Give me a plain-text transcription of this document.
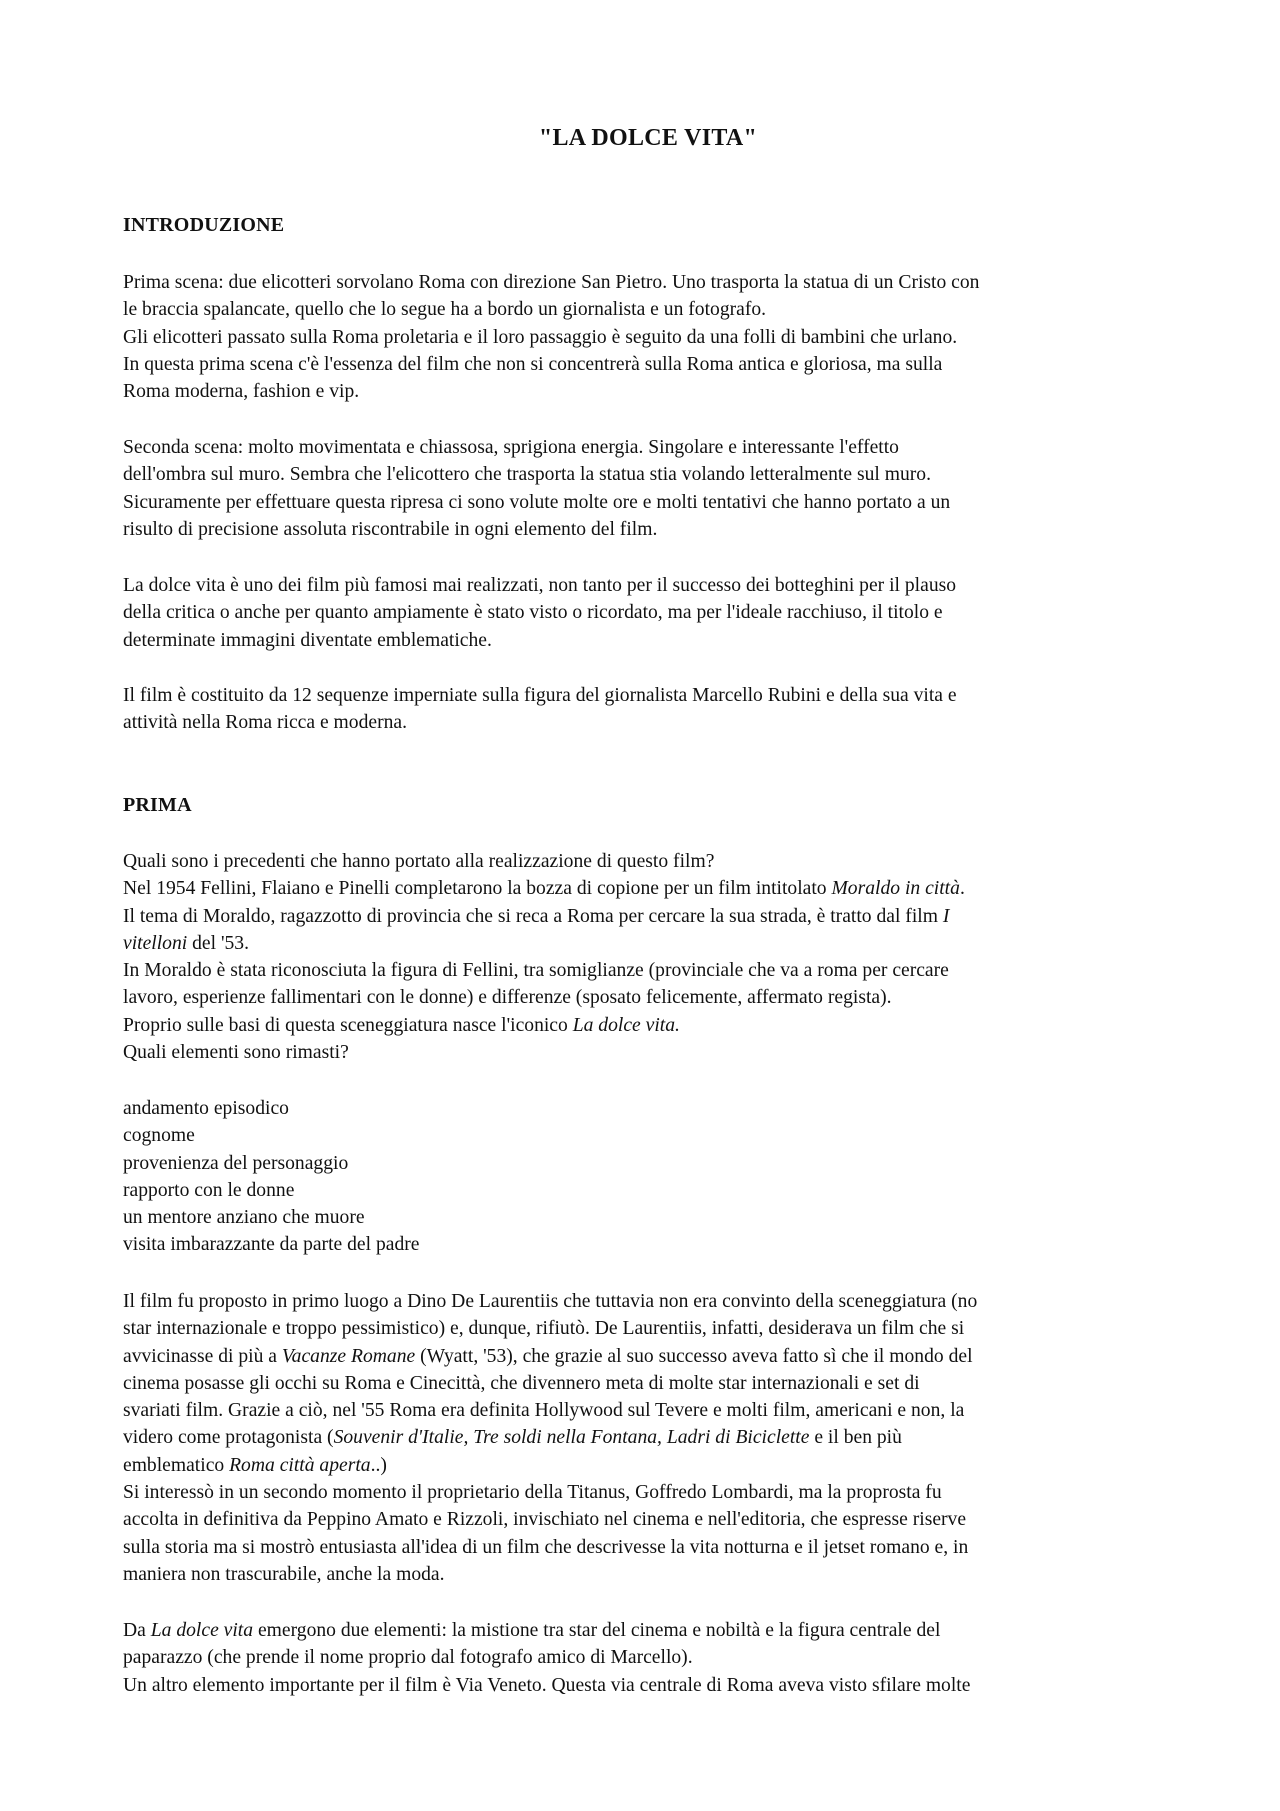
"LA DOLCE VITA"
INTRODUZIONE
Prima scena: due elicotteri sorvolano Roma con direzione San Pietro. Uno trasporta la statua di un Cristo con
le braccia spalancate, quello che lo segue ha a bordo un giornalista e un fotografo.
Gli elicotteri passato sulla Roma proletaria e il loro passaggio è seguito da una folli di bambini che urlano.
In questa prima scena c'è l'essenza del film che non si concentrerà sulla Roma antica e gloriosa, ma sulla
Roma moderna, fashion e vip.
Seconda scena: molto movimentata e chiassosa, sprigiona energia. Singolare e interessante l'effetto
dell'ombra sul muro. Sembra che l'elicottero che trasporta la statua stia volando letteralmente sul muro.
Sicuramente per effettuare questa ripresa ci sono volute molte ore e molti tentativi che hanno portato a un
risulto di precisione assoluta riscontrabile in ogni elemento del film.
La dolce vita è uno dei film più famosi mai realizzati, non tanto per il successo dei botteghini per il plauso
della critica o anche per quanto ampiamente è stato visto o ricordato, ma per l'ideale racchiuso, il titolo e
determinate immagini diventate emblematiche.
Il film è costituito da 12 sequenze imperniate sulla figura del giornalista Marcello Rubini e della sua vita e
attività nella Roma ricca e moderna.
PRIMA
Quali sono i precedenti che hanno portato alla realizzazione di questo film?
Nel 1954 Fellini, Flaiano e Pinelli completarono la bozza di copione per un film intitolato Moraldo in città.
Il tema di Moraldo, ragazzotto di provincia che si reca a Roma per cercare la sua strada, è tratto dal film I
vitelloni del '53.
In Moraldo è stata riconosciuta la figura di Fellini, tra somiglianze (provinciale che va a roma per cercare
lavoro, esperienze fallimentari con le donne) e differenze (sposato felicemente, affermato regista).
Proprio sulle basi di questa sceneggiatura nasce l'iconico La dolce vita.
Quali elementi sono rimasti?
andamento episodico
cognome
provenienza del personaggio
rapporto con le donne
un mentore anziano che muore
visita imbarazzante da parte del padre
Il film fu proposto in primo luogo a Dino De Laurentiis che tuttavia non era convinto della sceneggiatura (no
star internazionale e troppo pessimistico) e, dunque, rifiutò. De Laurentiis, infatti, desiderava un film che si
avvicinasse di più a Vacanze Romane (Wyatt, '53), che grazie al suo successo aveva fatto sì che il mondo del
cinema posasse gli occhi su Roma e Cinecittà, che divennero meta di molte star internazionali e set di
svariati film. Grazie a ciò, nel '55 Roma era definita Hollywood sul Tevere e molti film, americani e non, la
videro come protagonista (Souvenir d'Italie, Tre soldi nella Fontana, Ladri di Biciclette e il ben più
emblematico Roma città aperta..)
Si interessò in un secondo momento il proprietario della Titanus, Goffredo Lombardi, ma la proprosta fu
accolta in definitiva da Peppino Amato e Rizzoli, invischiato nel cinema e nell'editoria, che espresse riserve
sulla storia ma si mostrò entusiasta all'idea di un film che descrivesse la vita notturna e il jetset romano e, in
maniera non trascurabile, anche la moda.
Da La dolce vita emergono due elementi: la mistione tra star del cinema e nobiltà e la figura centrale del
paparazzo (che prende il nome proprio dal fotografo amico di Marcello).
Un altro elemento importante per il film è Via Veneto. Questa via centrale di Roma aveva visto sfilare molte
